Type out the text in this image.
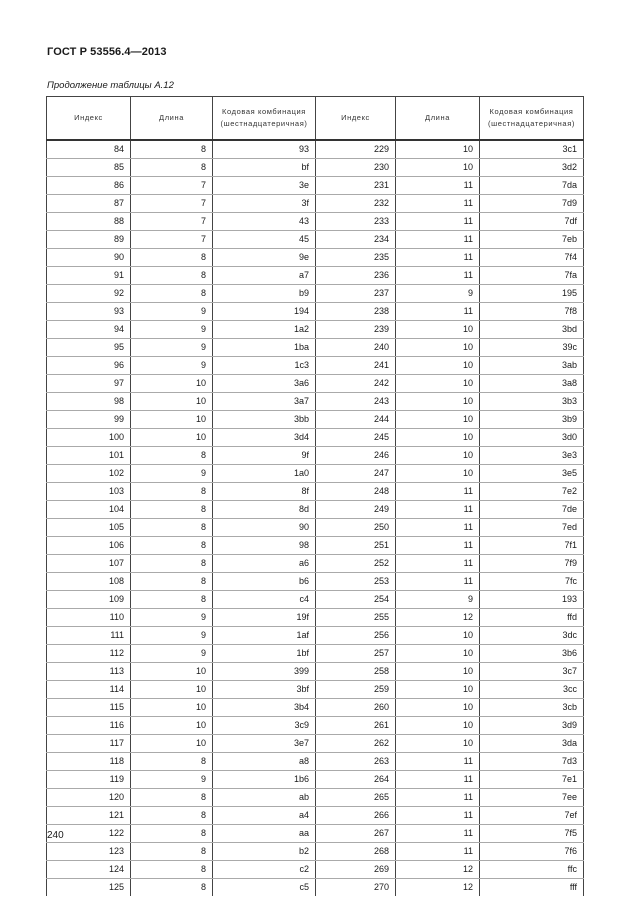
ГОСТ Р 53556.4—2013
Продолжение таблицы А.12
Индекс	Длина	Кодовая комбинация (шестнадцатеричная)	Индекс	Длина	Кодовая комбинация (шестнадцатеричная)
84	8	93	229	10	3c1
85	8	bf	230	10	3d2
86	7	3e	231	11	7da
87	7	3f	232	11	7d9
88	7	43	233	11	7df
89	7	45	234	11	7eb
90	8	9e	235	11	7f4
91	8	a7	236	11	7fa
92	8	b9	237	9	195
93	9	194	238	11	7f8
94	9	1a2	239	10	3bd
95	9	1ba	240	10	39c
96	9	1c3	241	10	3ab
97	10	3a6	242	10	3a8
98	10	3a7	243	10	3b3
99	10	3bb	244	10	3b9
100	10	3d4	245	10	3d0
101	8	9f	246	10	3e3
102	9	1a0	247	10	3e5
103	8	8f	248	11	7e2
104	8	8d	249	11	7de
105	8	90	250	11	7ed
106	8	98	251	11	7f1
107	8	a6	252	11	7f9
108	8	b6	253	11	7fc
109	8	c4	254	9	193
110	9	19f	255	12	ffd
111	9	1af	256	10	3dc
112	9	1bf	257	10	3b6
113	10	399	258	10	3c7
114	10	3bf	259	10	3cc
115	10	3b4	260	10	3cb
116	10	3c9	261	10	3d9
117	10	3e7	262	10	3da
118	8	a8	263	11	7d3
119	9	1b6	264	11	7e1
120	8	ab	265	11	7ee
121	8	a4	266	11	7ef
122	8	aa	267	11	7f5
123	8	b2	268	11	7f6
124	8	c2	269	12	ffc
125	8	c5	270	12	fff
240
